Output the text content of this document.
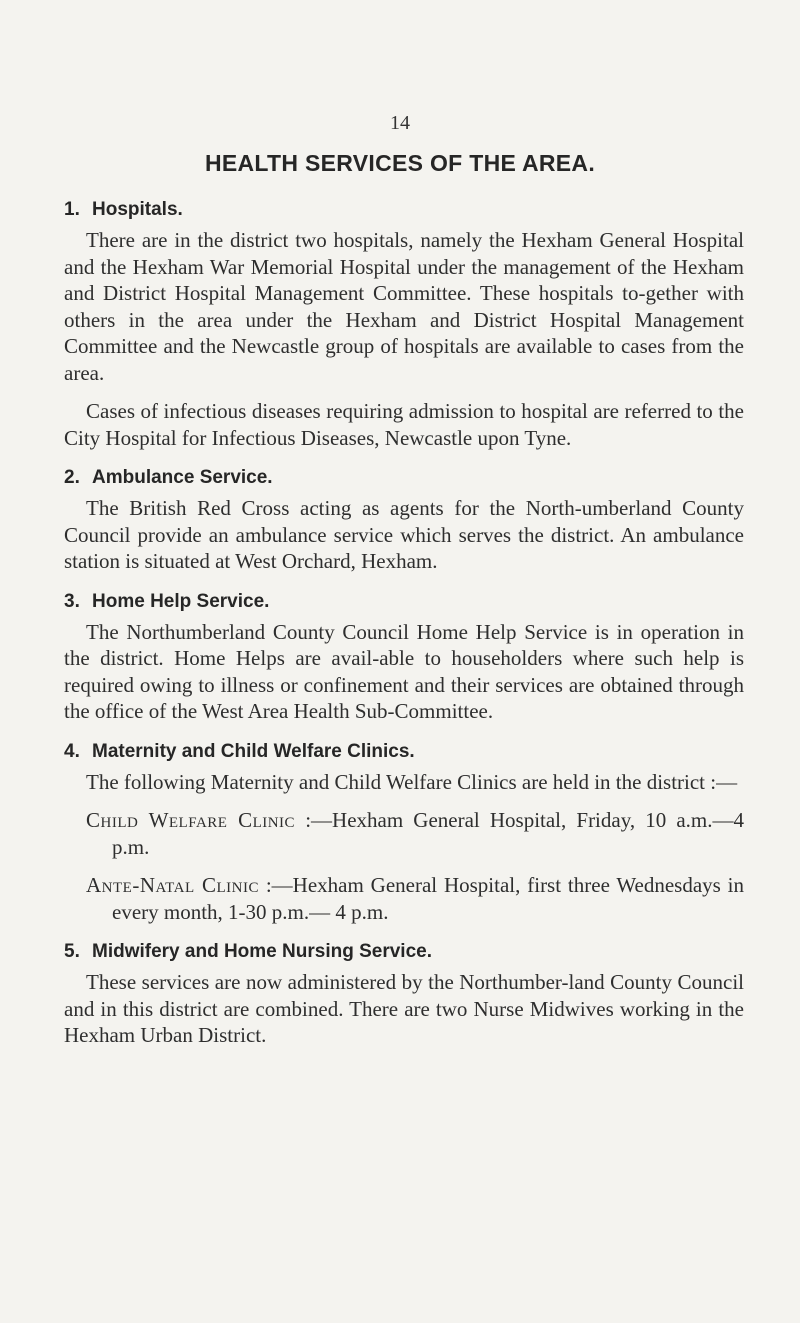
14
HEALTH SERVICES OF THE AREA.
1. Hospitals.

There are in the district two hospitals, namely the Hexham General Hospital and the Hexham War Memorial Hospital under the management of the Hexham and District Hospital Management Committee. These hospitals to-gether with others in the area under the Hexham and District Hospital Management Committee and the Newcastle group of hospitals are available to cases from the area.

Cases of infectious diseases requiring admission to hospital are referred to the City Hospital for Infectious Diseases, Newcastle upon Tyne.

2. Ambulance Service.

The British Red Cross acting as agents for the North-umberland County Council provide an ambulance service which serves the district. An ambulance station is situated at West Orchard, Hexham.

3. Home Help Service.

The Northumberland County Council Home Help Service is in operation in the district. Home Helps are avail-able to householders where such help is required owing to illness or confinement and their services are obtained through the office of the West Area Health Sub-Committee.

4. Maternity and Child Welfare Clinics.

The following Maternity and Child Welfare Clinics are held in the district :—

Child Welfare Clinic :—Hexham General Hospital, Friday, 10 a.m.—4 p.m.

Ante-Natal Clinic :—Hexham General Hospital, first three Wednesdays in every month, 1-30 p.m.— 4 p.m.

5. Midwifery and Home Nursing Service.

These services are now administered by the Northumber-land County Council and in this district are combined. There are two Nurse Midwives working in the Hexham Urban District.
